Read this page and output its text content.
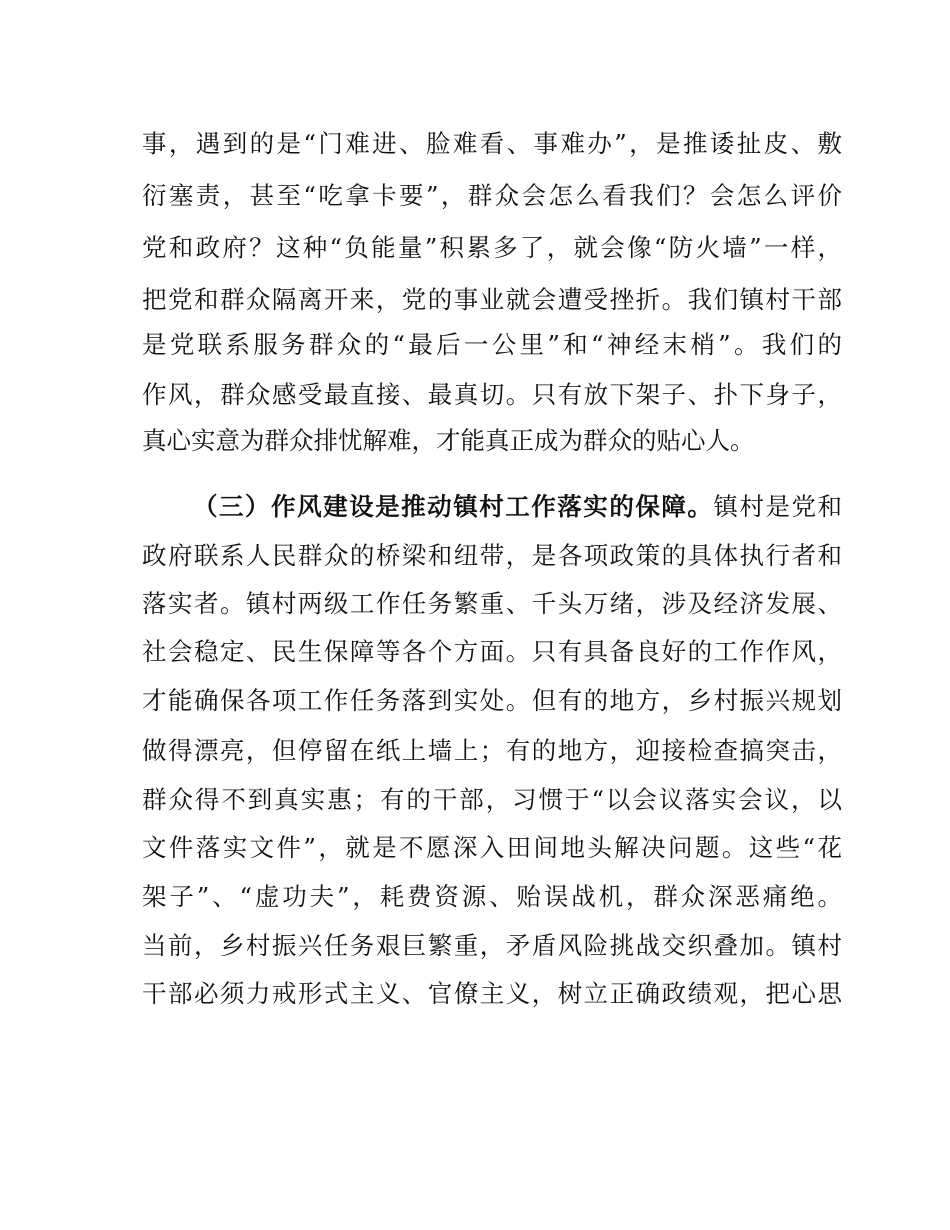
事，遇到的是“门难进、脸难看、事难办”，是推诿扯皮、敷
衍塞责，甚至“吃拿卡要”，群众会怎么看我们？会怎么评价
党和政府？这种“负能量”积累多了，就会像“防火墙”一样，
把党和群众隔离开来，党的事业就会遭受挫折。我们镇村干部
是党联系服务群众的“最后一公里”和“神经末梢”。我们的
作风，群众感受最直接、最真切。只有放下架子、扑下身子，
真心实意为群众排忧解难，才能真正成为群众的贴心人。
（三）作风建设是推动镇村工作落实的保障。镇村是党和
政府联系人民群众的桥梁和纽带，是各项政策的具体执行者和
落实者。镇村两级工作任务繁重、千头万绪，涉及经济发展、
社会稳定、民生保障等各个方面。只有具备良好的工作作风，
才能确保各项工作任务落到实处。但有的地方，乡村振兴规划
做得漂亮，但停留在纸上墙上；有的地方，迎接检查搞突击，
群众得不到真实惠；有的干部，习惯于“以会议落实会议，以
文件落实文件”，就是不愿深入田间地头解决问题。这些“花
架子”、“虚功夫”，耗费资源、贻误战机，群众深恶痛绝。
当前，乡村振兴任务艰巨繁重，矛盾风险挑战交织叠加。镇村
干部必须力戒形式主义、官僚主义，树立正确政绩观，把心思
